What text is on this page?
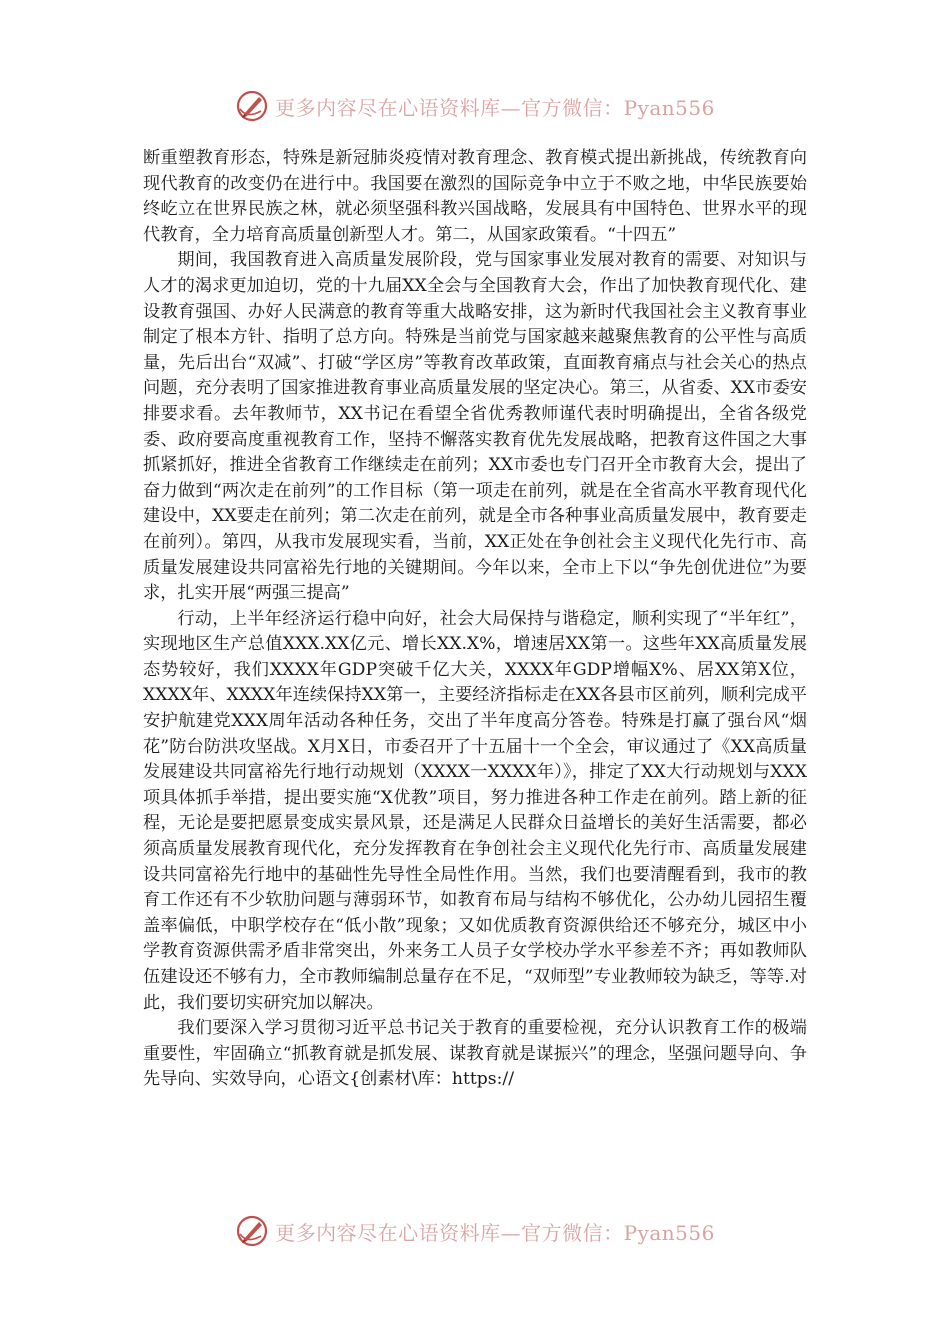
更多内容尽在心语资料库—官方微信：Pyan556

断重塑教育形态，特殊是新冠肺炎疫情对教育理念、教育模式提出新挑战，传统教育向现代教育的改变仍在进行中。我国要在激烈的国际竞争中立于不败之地，中华民族要始终屹立在世界民族之林，就必须坚强科教兴国战略，发展具有中国特色、世界水平的现代教育，全力培育高质量创新型人才。第二，从国家政策看。“十四五”

期间，我国教育进入高质量发展阶段，党与国家事业发展对教育的需要、对知识与人才的渴求更加迫切，党的十九届XX全会与全国教育大会，作出了加快教育现代化、建设教育强国、办好人民满意的教育等重大战略安排，这为新时代我国社会主义教育事业制定了根本方针、指明了总方向。特殊是当前党与国家越来越聚焦教育的公平性与高质量，先后出台“双减”、打破“学区房”等教育改革政策，直面教育痛点与社会关心的热点问题，充分表明了国家推进教育事业高质量发展的坚定决心。第三，从省委、XX市委安排要求看。去年教师节，XX书记在看望全省优秀教师谨代表时明确提出，全省各级党委、政府要高度重视教育工作，坚持不懈落实教育优先发展战略，把教育这件国之大事抓紧抓好，推进全省教育工作继续走在前列；XX市委也专门召开全市教育大会，提出了奋力做到“两次走在前列”的工作目标（第一项走在前列，就是在全省高水平教育现代化建设中，XX要走在前列；第二次走在前列，就是全市各种事业高质量发展中，教育要走在前列）。第四，从我市发展现实看，当前，XX正处在争创社会主义现代化先行市、高质量发展建设共同富裕先行地的关键期间。今年以来，全市上下以“争先创优进位”为要求，扎实开展“两强三提高”

行动，上半年经济运行稳中向好，社会大局保持与谐稳定，顺利实现了“半年红”，实现地区生产总值XXX.XX亿元、增长XX.X%，增速居XX第一。这些年XX高质量发展态势较好，我们XXXX年GDP突破千亿大关，XXXX年GDP增幅X%、居XX第X位，XXXX年、XXXX年连续保持XX第一，主要经济指标走在XX各县市区前列，顺利完成平安护航建党XXX周年活动各种任务，交出了半年度高分答卷。特殊是打赢了强台风“烟花”防台防洪攻坚战。X月X日，市委召开了十五届十一个全会，审议通过了《XX高质量发展建设共同富裕先行地行动规划（XXXX一XXXX年）》，排定了XX大行动规划与XXX项具体抓手举措，提出要实施“X优教”项目，努力推进各种工作走在前列。踏上新的征程，无论是要把愿景变成实景风景，还是满足人民群众日益增长的美好生活需要，都必须高质量发展教育现代化，充分发挥教育在争创社会主义现代化先行市、高质量发展建设共同富裕先行地中的基础性先导性全局性作用。当然，我们也要清醒看到，我市的教育工作还有不少软肋问题与薄弱环节，如教育布局与结构不够优化，公办幼儿园招生覆盖率偏低，中职学校存在“低小散”现象；又如优质教育资源供给还不够充分，城区中小学教育资源供需矛盾非常突出，外来务工人员子女学校办学水平参差不齐；再如教师队伍建设还不够有力，全市教师编制总量存在不足，“双师型”专业教师较为缺乏，等等.对此，我们要切实研究加以解决。

我们要深入学习贯彻习近平总书记关于教育的重要检视，充分认识教育工作的极端重要性，牢固确立“抓教育就是抓发展、谋教育就是谋振兴”的理念，坚强问题导向、争先导向、实效导向，心语文{创素材\库：https://

更多内容尽在心语资料库—官方微信：Pyan556
